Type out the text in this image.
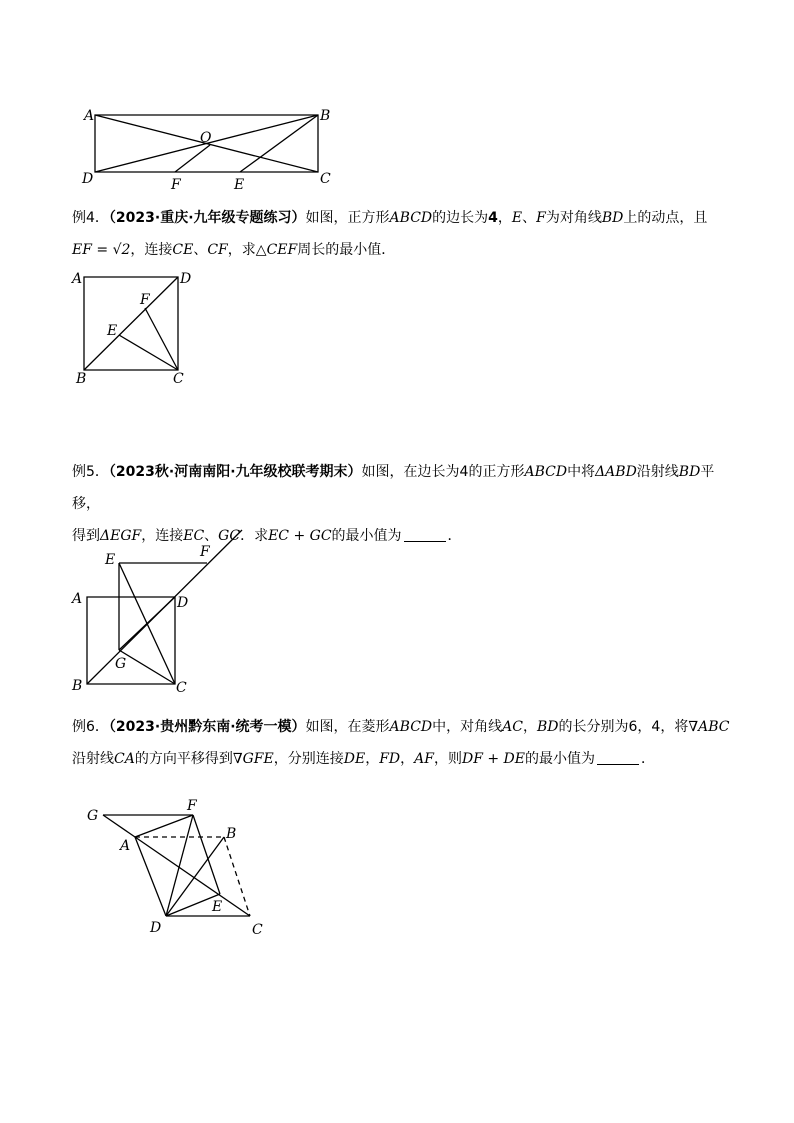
A	B
C
D
O
F	E
例4．（2023·重庆·九年级专题练习）如图，正方形ABCD的边长为4，E、F为对角线BD上的动点，且
EF = √2，连接CE、CF，求△CEF周长的最小值．
A	D
B	C
F
E
例5．（2023秋·河南南阳·九年级校联考期末）如图，在边长为4的正方形ABCD中将ΔABD沿射线BD平移，
得到ΔEGF，连接EC、GC．求EC + GC的最小值为	．
A	D
B	C
E	F
G
例6．（2023·贵州黔东南·统考一模）如图，在菱形ABCD中，对角线AC，BD的长分别为6，4，将∇ABC
沿射线CA的方向平移得到∇GFE，分别连接DE，FD，AF，则DF + DE的最小值为	．
G
F
B
A
E
D	C
